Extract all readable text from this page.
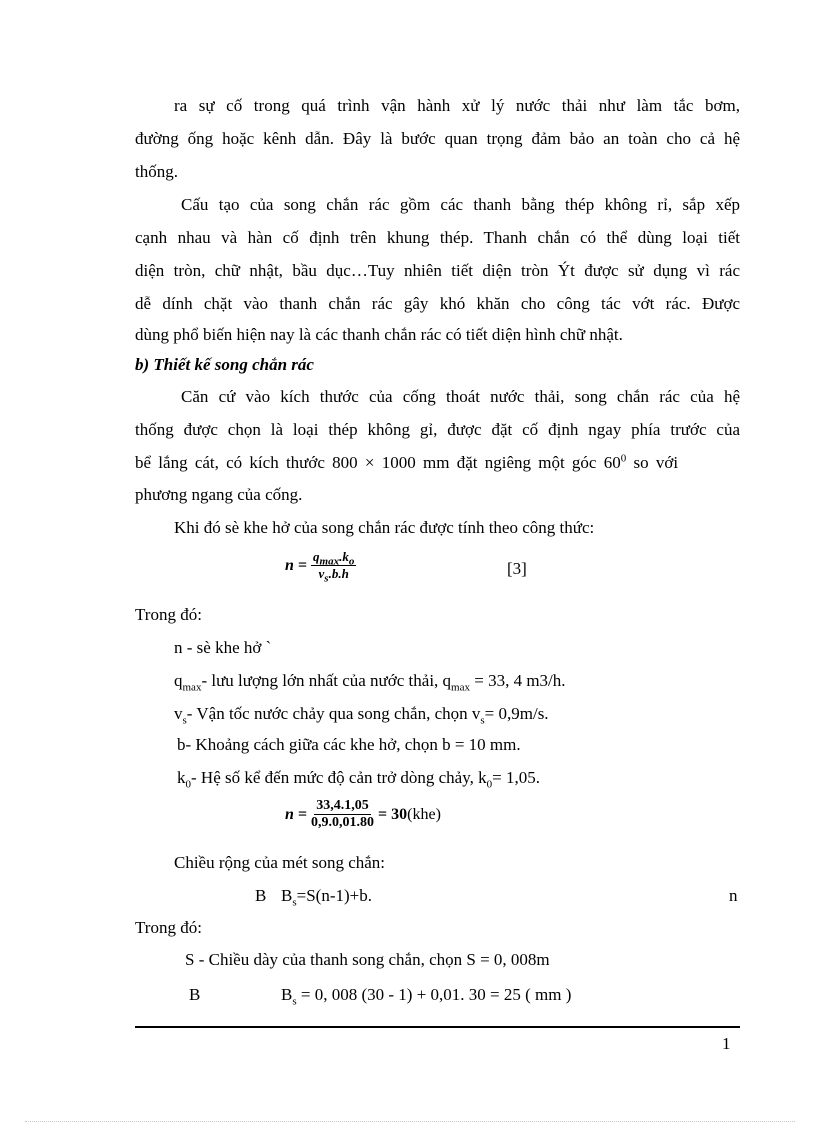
ra sự cố trong quá trình vận hành xử lý nước thải như làm tắc bơm,
đường ống hoặc kênh dẫn. Đây là bước quan trọng đảm bảo an toàn cho cả hệ
thống.
Cấu tạo của song chắn rác gồm các thanh bằng thép không rỉ, sắp xếp
cạnh nhau và hàn cố định trên khung thép. Thanh chắn có thể dùng loại tiết
diện tròn, chữ nhật, bầu dục…Tuy nhiên tiết diện tròn Ýt được sử dụng vì rác
dễ dính chặt vào thanh chắn rác gây khó khăn cho công tác vớt rác. Được
dùng phổ biến hiện nay là các thanh chắn rác có tiết diện hình chữ nhật.
b) Thiết kế song chắn rác
Căn cứ vào kích thước của cống thoát nước thải, song chắn rác của hệ
thống được chọn là loại thép không gỉ, được đặt cố định ngay phía trước của
bể lắng cát, có kích thước 800 × 1000 mm đặt ngiêng một góc $60^0$ so với
phương ngang của cống.
Khi đó sè khe hở của song chắn rác được tính theo công thức:
$n = \frac{q_{max}.k_o}{v_s.b.h}$	[3]
Trong đó:
n - sè khe hở `
$q_{max}-$ lưu lượng lớn nhất của nước thải, $q_{max} = 33$, 4 m3/h.
$v_s-$ Vận tốc nước chảy qua song chắn, chọn $v_s= 0,9m/s$.
b- Khoảng cách giữa các khe hở, chọn b = 10 mm.
$k_0-$ Hệ số kể đến mức độ cản trở dòng chảy, $k_0= 1,05$.
$n = \frac{33,4.1,05}{0,9.0,01.80} = 30(khe)$
Chiều rộng của mét song chắn:
B $B_s=S(n-1)+b$.	n
Trong đó:
S - Chiều dày của thanh song chắn, chọn S = 0, 008m
B	$B_s = 0$, 008 (30 - 1) + 0,01. 30 = 25 ( mm )
1
